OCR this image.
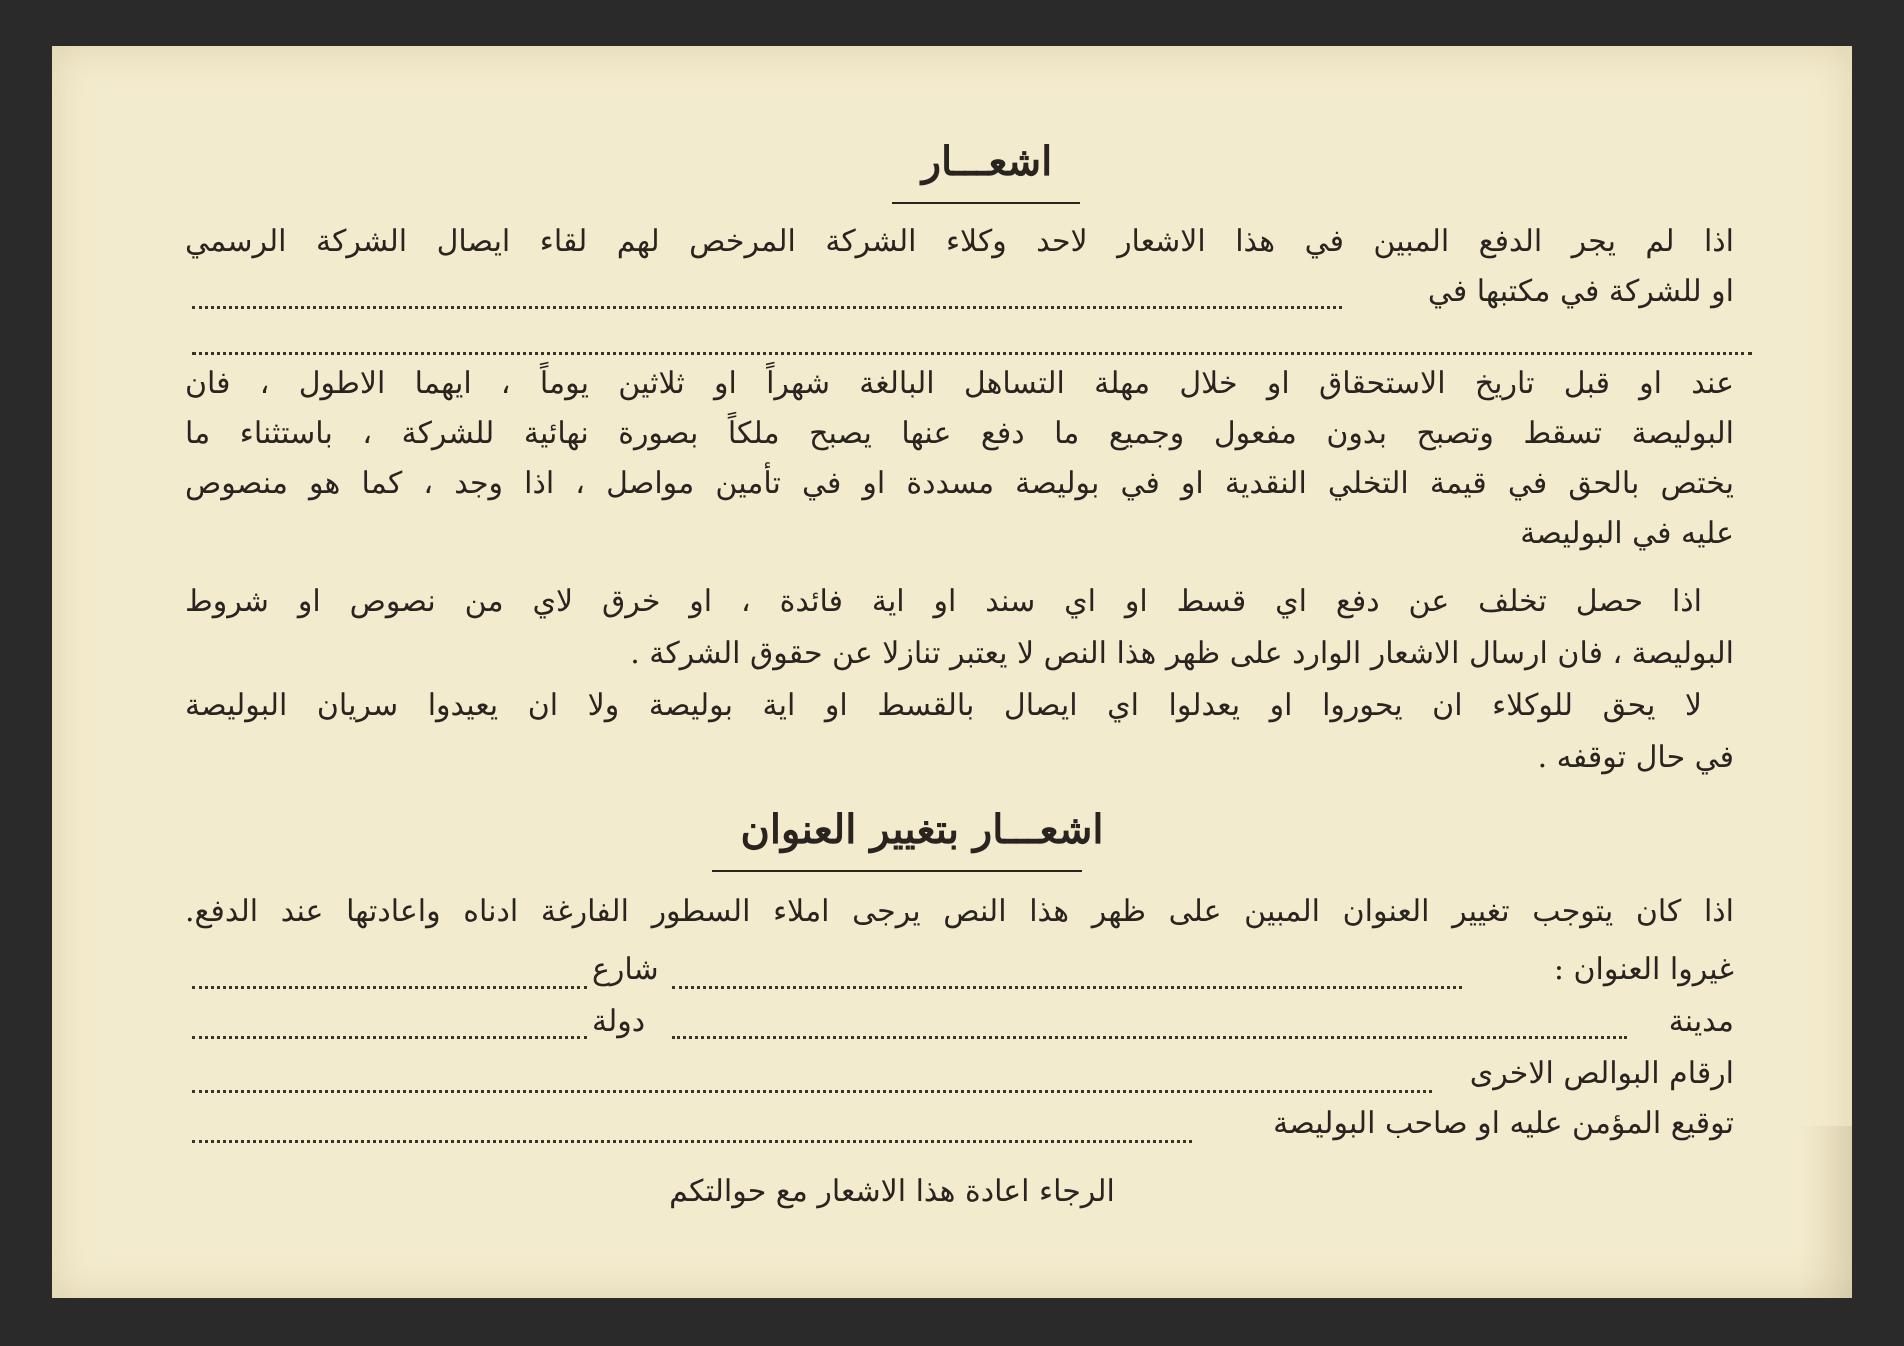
اشعـــار
اذا لم يجر الدفع المبين في هذا الاشعار لاحد وكلاء الشركة المرخص لهم لقاء ايصال الشركة الرسمي
او للشركة في مكتبها في
عند او قبل تاريخ الاستحقاق او خلال مهلة التساهل البالغة شهراً او ثلاثين يوماً ، ايهما الاطول ، فان
البوليصة تسقط وتصبح بدون مفعول وجميع ما دفع عنها يصبح ملكاً بصورة نهائية للشركة ، باستثناء ما
يختص بالحق في قيمة التخلي النقدية او في بوليصة مسددة او في تأمين مواصل ، اذا وجد ، كما هو منصوص
عليه في البوليصة
اذا حصل تخلف عن دفع اي قسط او اي سند او اية فائدة ، او خرق لاي من نصوص او شروط
البوليصة ، فان ارسال الاشعار الوارد على ظهر هذا النص لا يعتبر تنازلا عن حقوق الشركة .
لا يحق للوكلاء ان يحوروا او يعدلوا اي ايصال بالقسط او اية بوليصة ولا ان يعيدوا سريان البوليصة
في حال توقفه .
اشعـــار بتغيير العنوان
اذا كان يتوجب تغيير العنوان المبين على ظهر هذا النص يرجى املاء السطور الفارغة ادناه واعادتها عند الدفع.
غيروا العنوان :
شارع
مدينة
دولة
ارقام البوالص الاخرى
توقيع المؤمن عليه او صاحب البوليصة
الرجاء اعادة هذا الاشعار مع حوالتكم
